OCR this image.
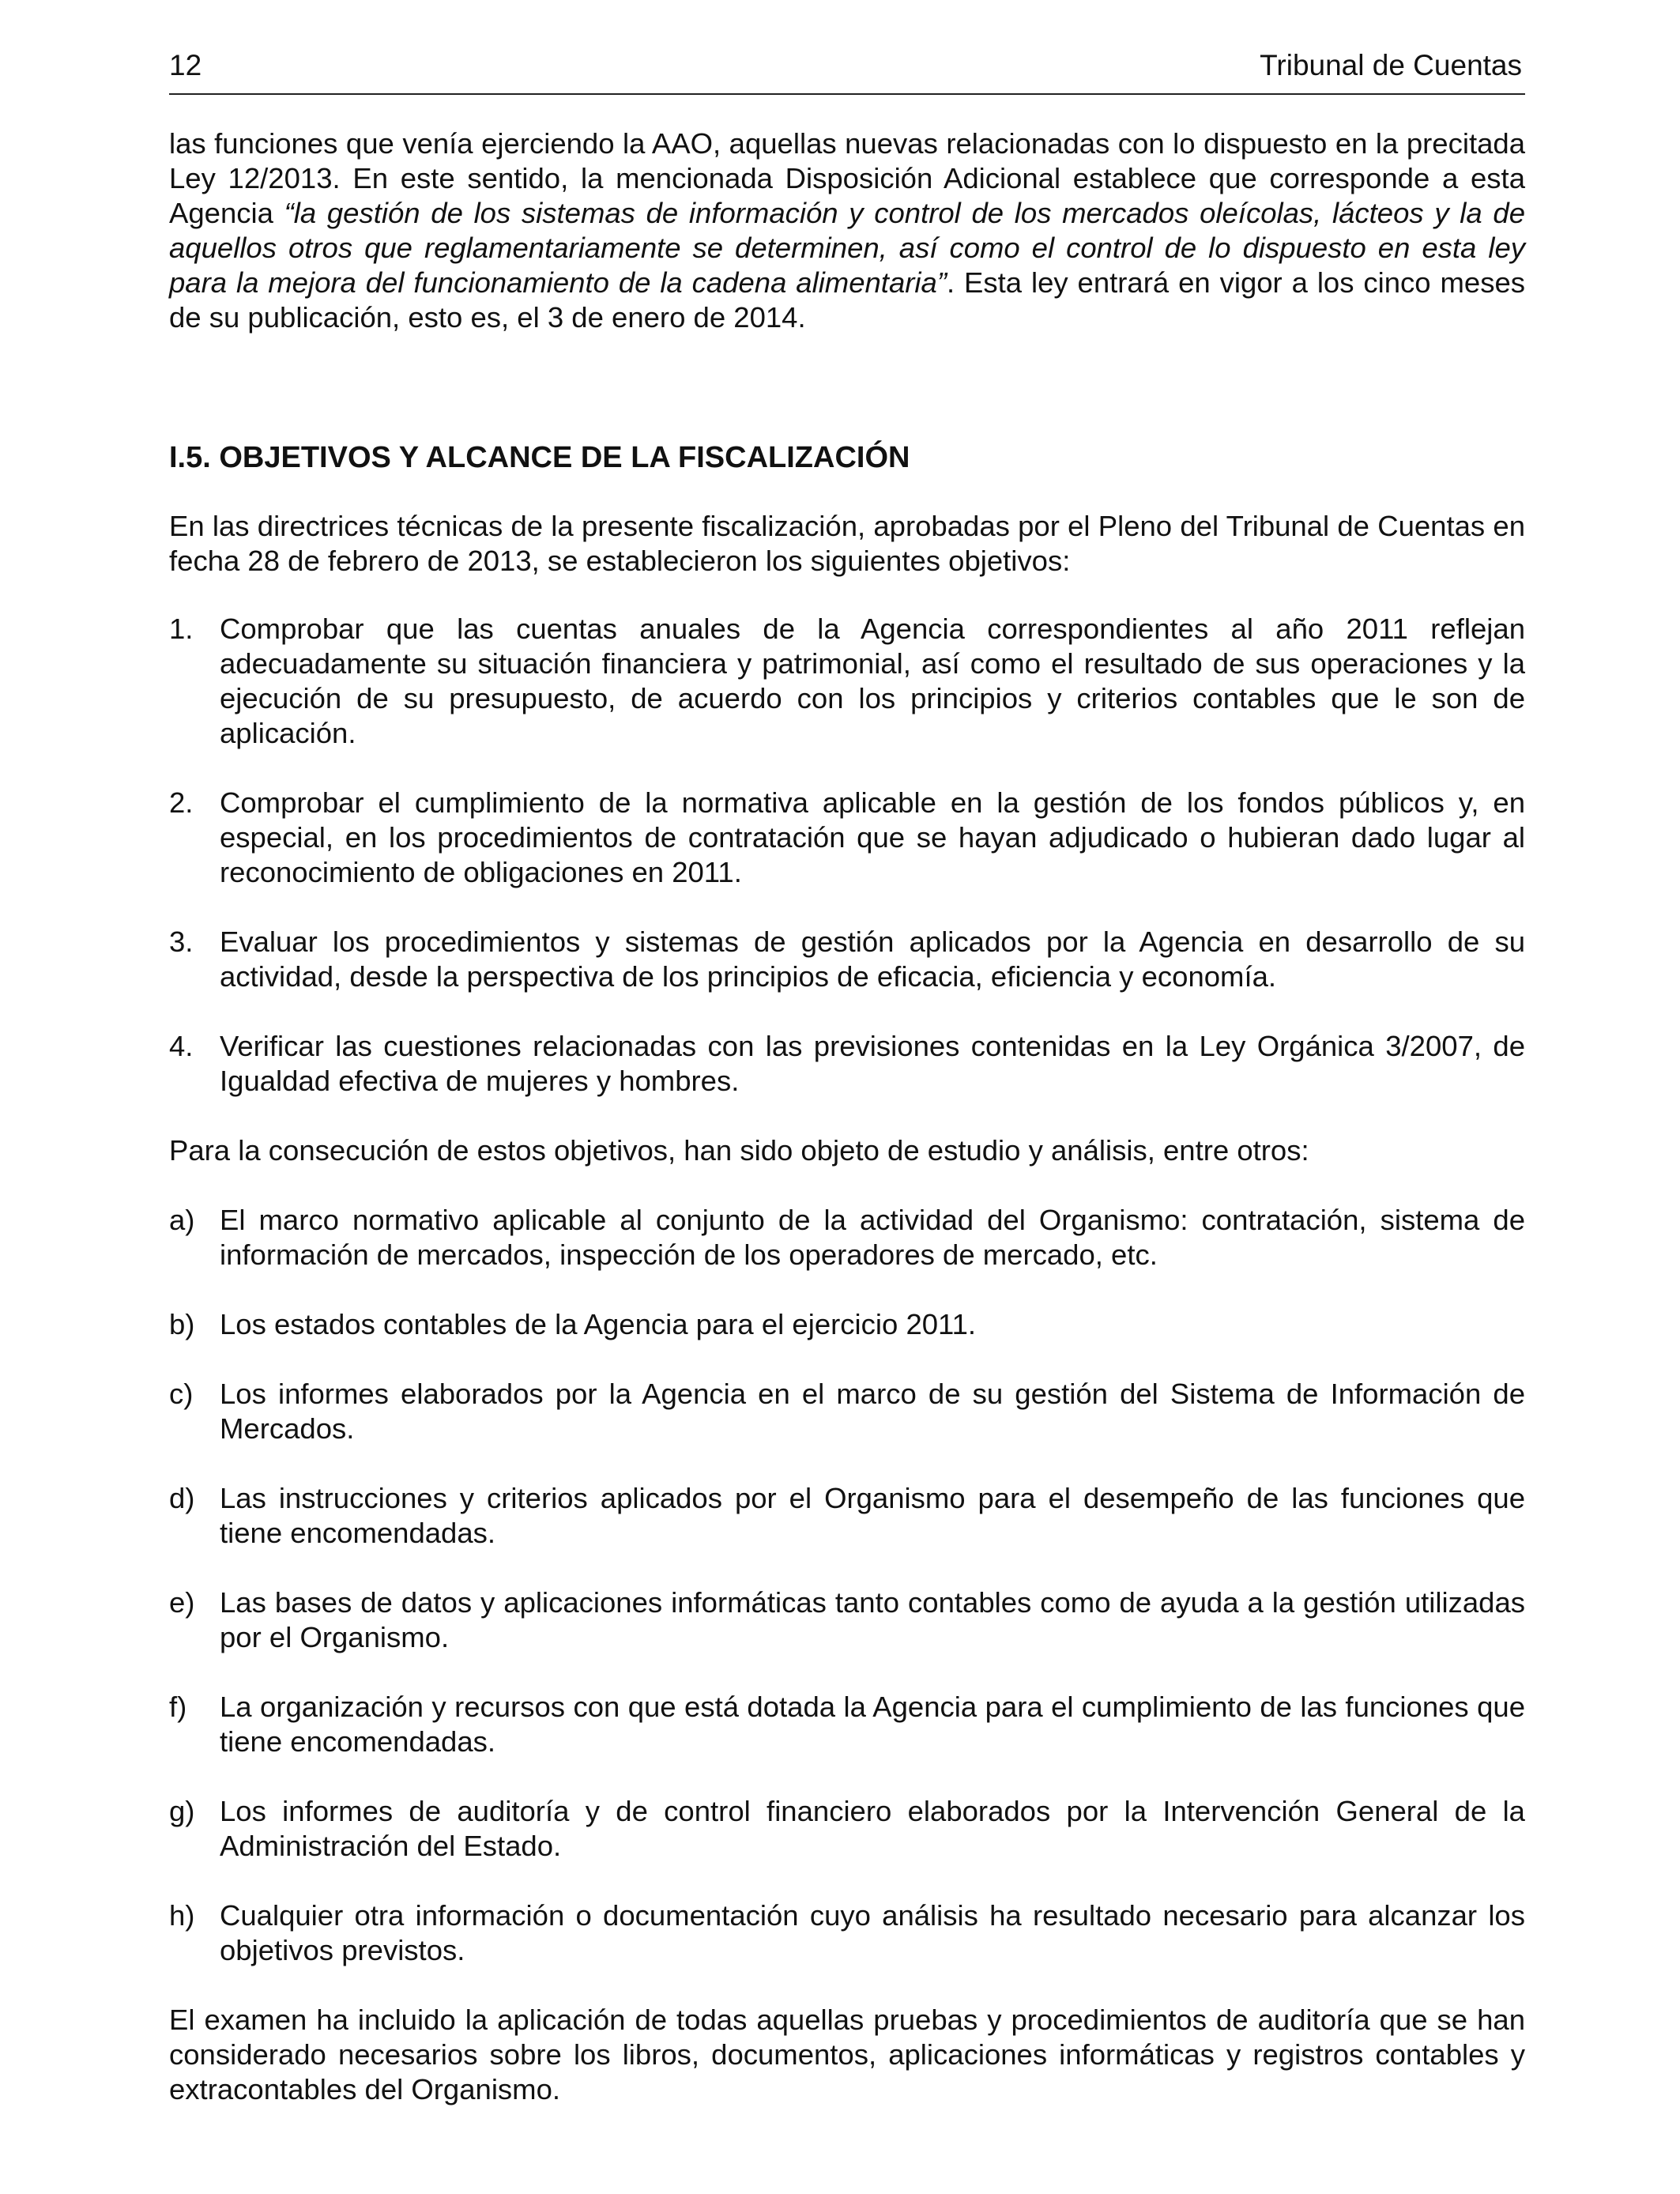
12	Tribunal de Cuentas

las funciones que venía ejerciendo la AAO, aquellas nuevas relacionadas con lo dispuesto en la precitada Ley 12/2013. En este sentido, la mencionada Disposición Adicional establece que corresponde a esta Agencia “la gestión de los sistemas de información y control de los mercados oleícolas, lácteos y la de aquellos otros que reglamentariamente se determinen, así como el control de lo dispuesto en esta ley para la mejora del funcionamiento de la cadena alimentaria”. Esta ley entrará en vigor a los cinco meses de su publicación, esto es, el 3 de enero de 2014.

I.5. OBJETIVOS Y ALCANCE DE LA FISCALIZACIÓN

En las directrices técnicas de la presente fiscalización, aprobadas por el Pleno del Tribunal de Cuentas en fecha 28 de febrero de 2013, se establecieron los siguientes objetivos:

1. Comprobar que las cuentas anuales de la Agencia correspondientes al año 2011 reflejan adecuadamente su situación financiera y patrimonial, así como el resultado de sus operaciones y la ejecución de su presupuesto, de acuerdo con los principios y criterios contables que le son de aplicación.
2. Comprobar el cumplimiento de la normativa aplicable en la gestión de los fondos públicos y, en especial, en los procedimientos de contratación que se hayan adjudicado o hubieran dado lugar al reconocimiento de obligaciones en 2011.
3. Evaluar los procedimientos y sistemas de gestión aplicados por la Agencia en desarrollo de su actividad, desde la perspectiva de los principios de eficacia, eficiencia y economía.
4. Verificar las cuestiones relacionadas con las previsiones contenidas en la Ley Orgánica 3/2007, de Igualdad efectiva de mujeres y hombres.

Para la consecución de estos objetivos, han sido objeto de estudio y análisis, entre otros:

a) El marco normativo aplicable al conjunto de la actividad del Organismo: contratación, sistema de información de mercados, inspección de los operadores de mercado, etc.
b) Los estados contables de la Agencia para el ejercicio 2011.
c) Los informes elaborados por la Agencia en el marco de su gestión del Sistema de Información de Mercados.
d) Las instrucciones y criterios aplicados por el Organismo para el desempeño de las funciones que tiene encomendadas.
e) Las bases de datos y aplicaciones informáticas tanto contables como de ayuda a la gestión utilizadas por el Organismo.
f)	La organización y recursos con que está dotada la Agencia para el cumplimiento de las funciones que tiene encomendadas.
g) Los informes de auditoría y de control financiero elaborados por la Intervención General de la Administración del Estado.
h) Cualquier otra información o documentación cuyo análisis ha resultado necesario para alcanzar los objetivos previstos.

El examen ha incluido la aplicación de todas aquellas pruebas y procedimientos de auditoría que se han considerado necesarios sobre los libros, documentos, aplicaciones informáticas y registros contables y extracontables del Organismo.
